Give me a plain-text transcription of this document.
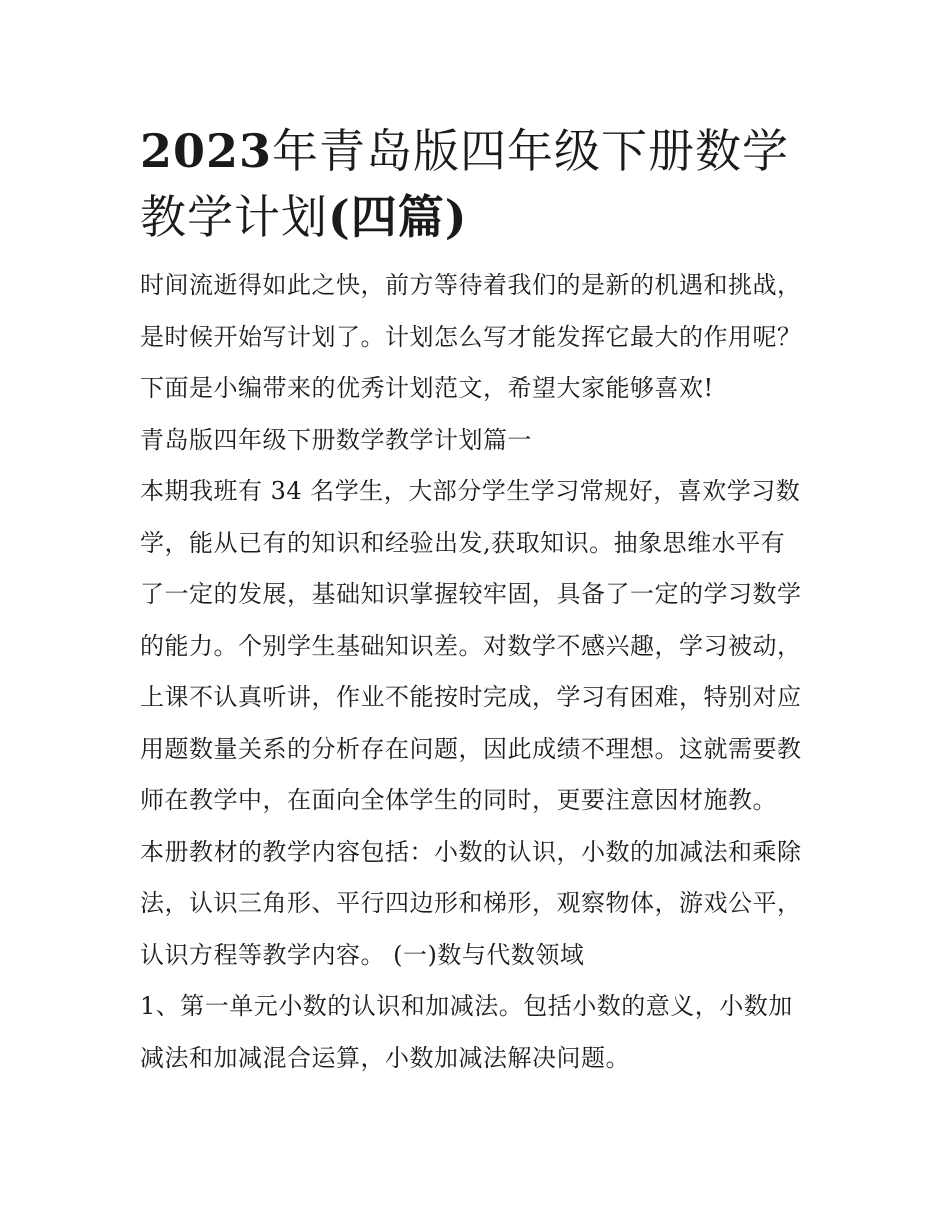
2023年青岛版四年级下册数学
教学计划(四篇)
时间流逝得如此之快，前方等待着我们的是新的机遇和挑战，
是时候开始写计划了。计划怎么写才能发挥它最大的作用呢？
下面是小编带来的优秀计划范文，希望大家能够喜欢!
青岛版四年级下册数学教学计划篇一
本期我班有 34 名学生，大部分学生学习常规好，喜欢学习数
学，能从已有的知识和经验出发,获取知识。抽象思维水平有
了一定的发展，基础知识掌握较牢固，具备了一定的学习数学
的能力。个别学生基础知识差。对数学不感兴趣，学习被动，
上课不认真听讲，作业不能按时完成，学习有困难，特别对应
用题数量关系的分析存在问题，因此成绩不理想。这就需要教
师在教学中，在面向全体学生的同时，更要注意因材施教。
本册教材的教学内容包括：小数的认识，小数的加减法和乘除
法，认识三角形、平行四边形和梯形，观察物体，游戏公平，
认识方程等教学内容。 (一)数与代数领域
1、第一单元小数的认识和加减法。包括小数的意义，小数加
减法和加减混合运算，小数加减法解决问题。
